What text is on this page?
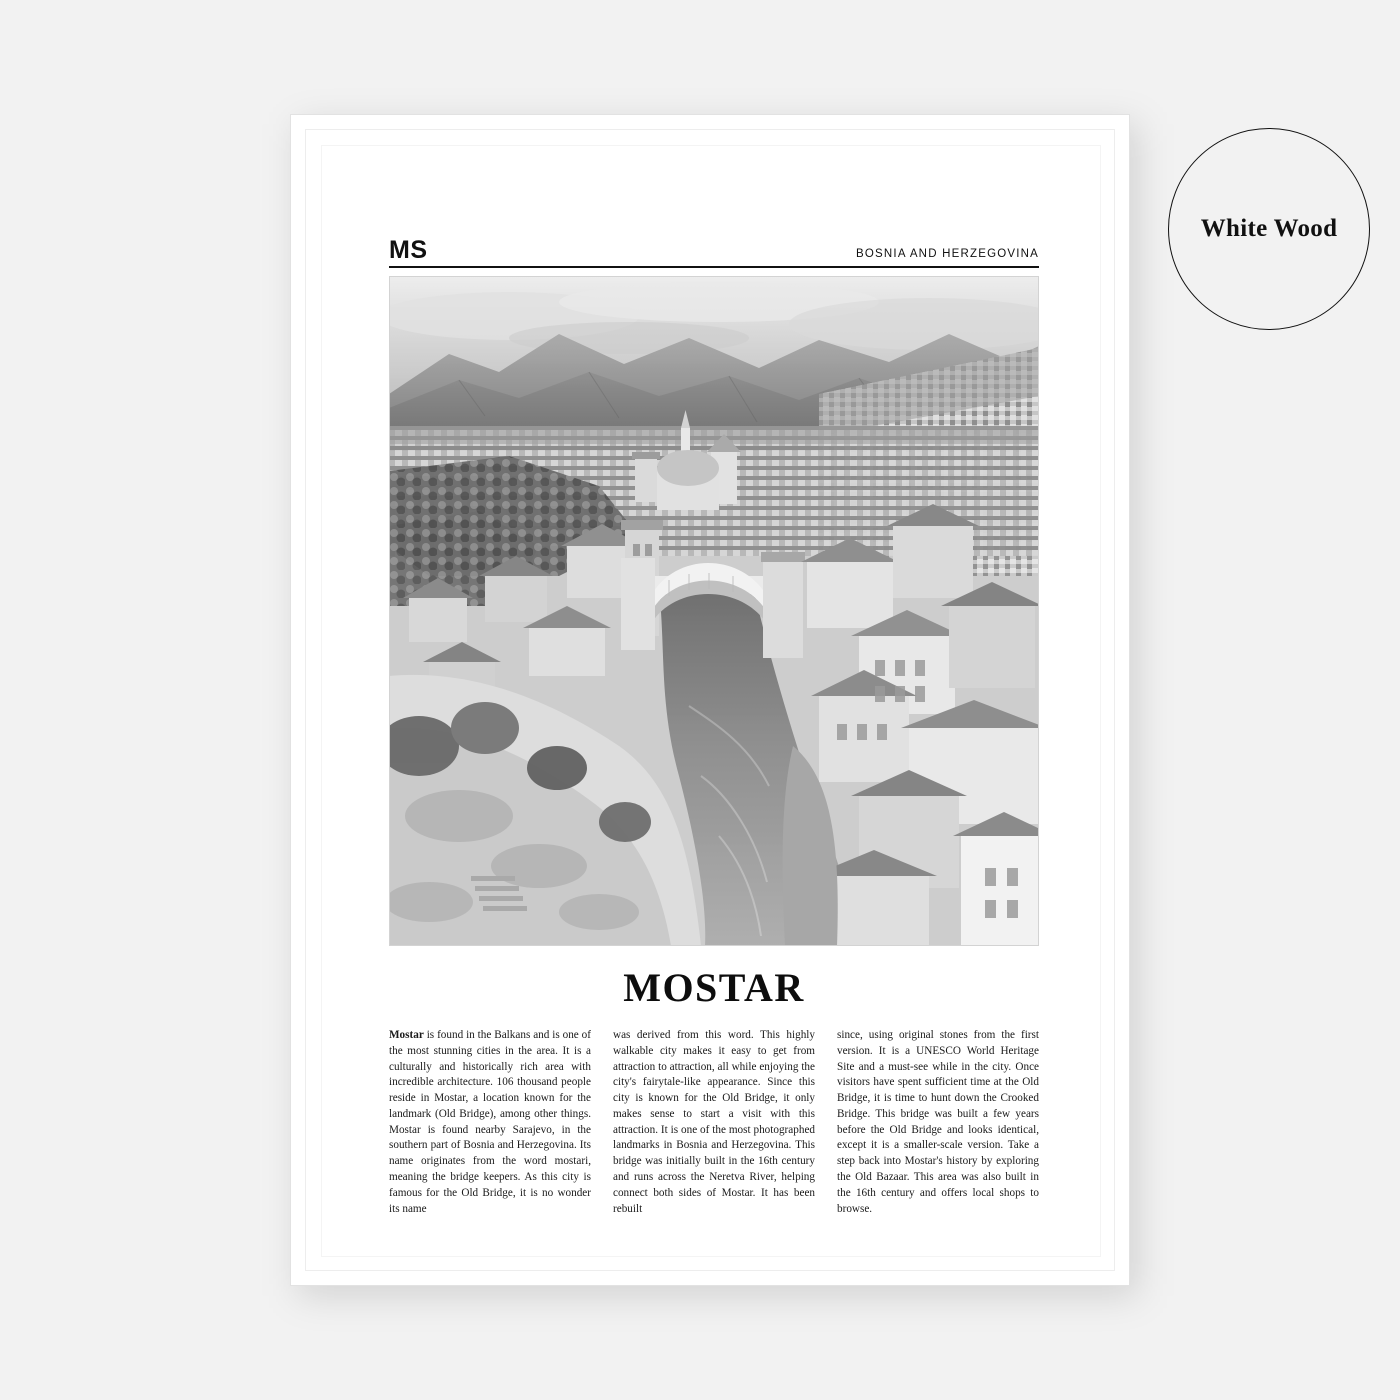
MS	BOSNIA AND HERZEGOVINA
MOSTAR
Mostar is found in the Balkans and is one of the most stunning cities in the area. It is a culturally and historically rich area with incredible architecture. 106 thousand people reside in Mostar, a location known for the landmark (Old Bridge), among other things. Mostar is found nearby Sarajevo, in the southern part of Bosnia and Herzegovina. Its name originates from the word mostari, meaning the bridge keepers. As this city is famous for the Old Bridge, it is no wonder its name
was derived from this word. This highly walkable city makes it easy to get from attraction to attraction, all while enjoying the city's fairytale-like appearance. Since this city is known for the Old Bridge, it only makes sense to start a visit with this attraction. It is one of the most photographed landmarks in Bosnia and Herzegovina. This bridge was initially built in the 16th century and runs across the Neretva River, helping connect both sides of Mostar. It has been rebuilt
since, using original stones from the first version. It is a UNESCO World Heritage Site and a must-see while in the city. Once visitors have spent sufficient time at the Old Bridge, it is time to hunt down the Crooked Bridge. This bridge was built a few years before the Old Bridge and looks identical, except it is a smaller-scale version. Take a step back into Mostar's history by exploring the Old Bazaar. This area was also built in the 16th century and offers local shops to browse.
White Wood
